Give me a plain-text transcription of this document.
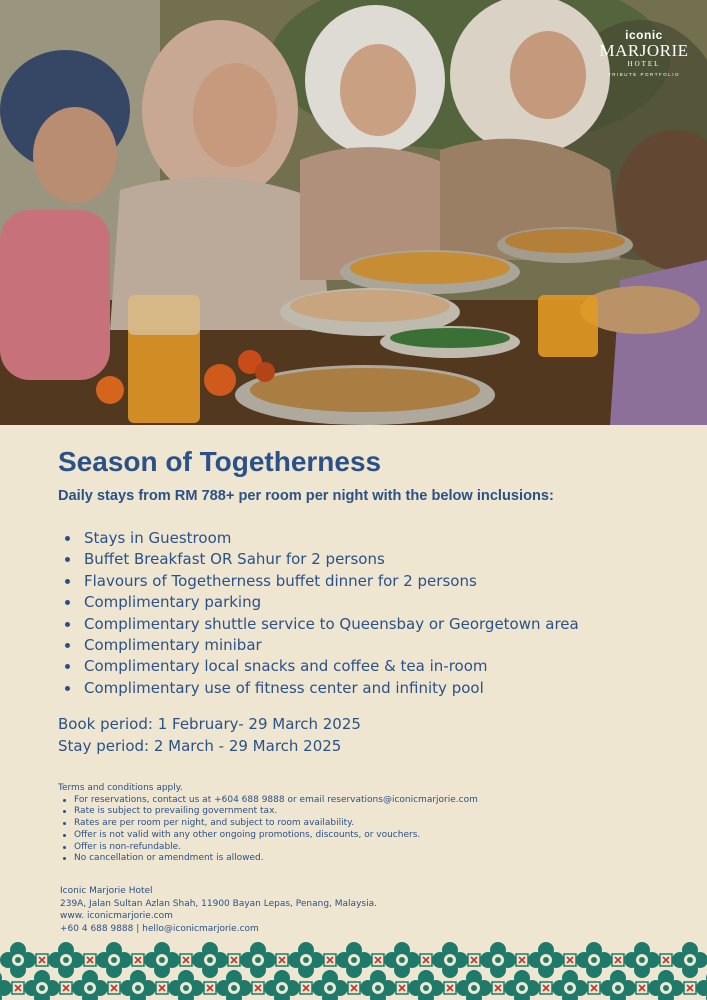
iconic
MARJORIE
HOTEL
TRIBUTE PORTFOLIO
Season of Togetherness

Daily stays from RM 788+ per room per night with the below inclusions:

Stays in Guestroom
Buffet Breakfast OR Sahur for 2 persons
Flavours of Togetherness buffet dinner for 2 persons
Complimentary parking
Complimentary shuttle service to Queensbay or Georgetown area
Complimentary minibar
Complimentary local snacks and coffee & tea in-room
Complimentary use of fitness center and infinity pool
Book period: 1 February- 29 March 2025
Stay period: 2 March - 29 March 2025
Terms and conditions apply.
For reservations, contact us at +604 688 9888 or email reservations@iconicmarjorie.com
Rate is subject to prevailing government tax.
Rates are per room per night, and subject to room availability.
Offer is not valid with any other ongoing promotions, discounts, or vouchers.
Offer is non-refundable.
No cancellation or amendment is allowed.
Iconic Marjorie Hotel
239A, Jalan Sultan Azlan Shah, 11900 Bayan Lepas, Penang, Malaysia.
www. iconicmarjorie.com
+60 4 688 9888 | hello@iconicmarjorie.com
